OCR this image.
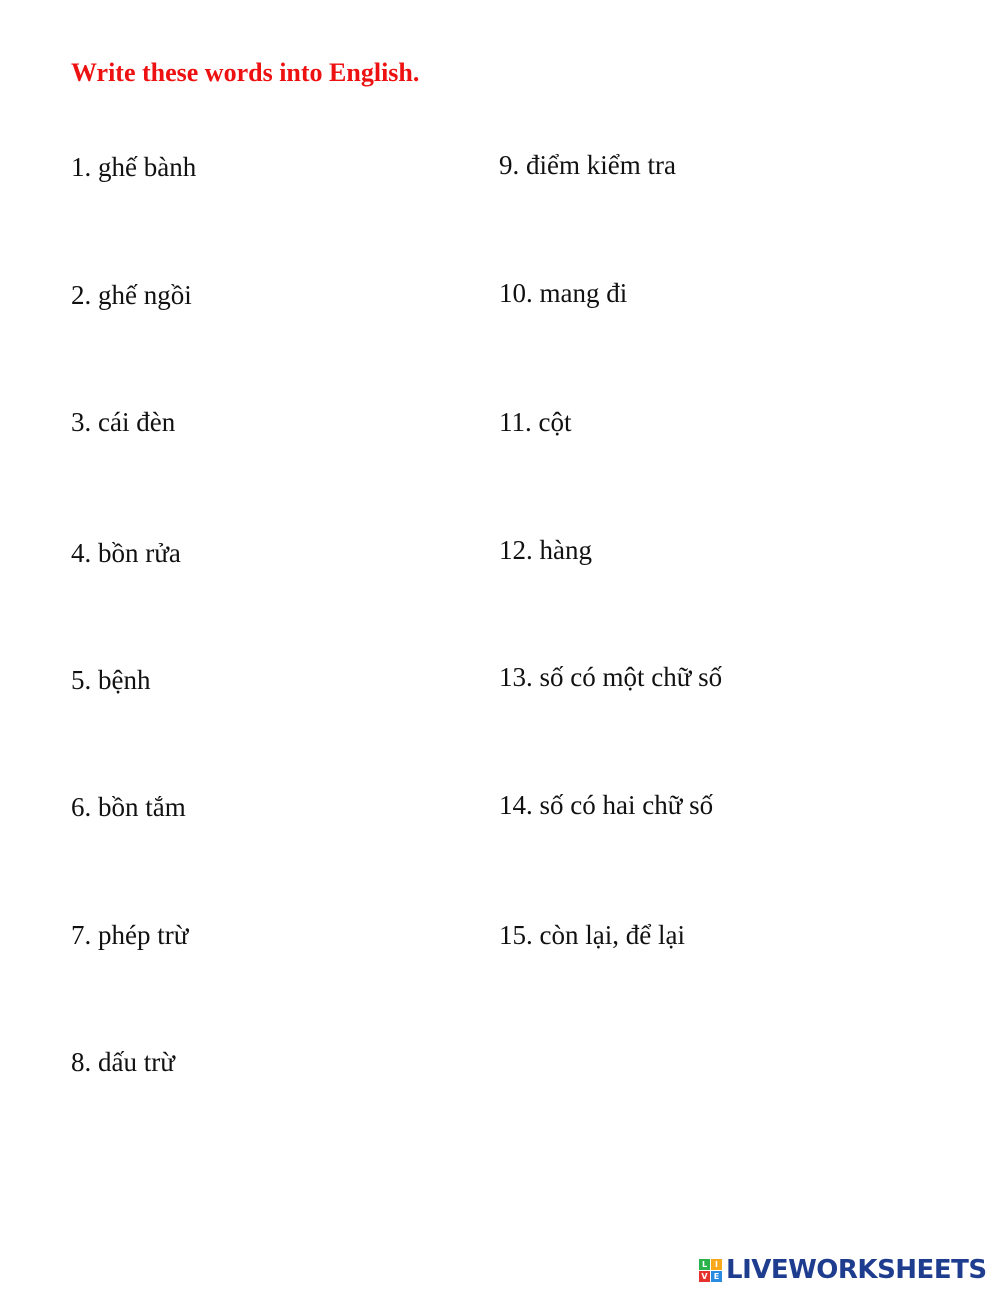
Write these words into English.
1. ghế bành
2. ghế ngồi
3. cái đèn
4. bồn rửa
5. bệnh
6. bồn tắm
7. phép trừ
8. dấu trừ
9. điểm kiểm tra
10. mang đi
11. cột
12. hàng
13. số có một chữ số
14. số có hai chữ số
15. còn lại, để lại
L I
V E LIVEWORKSHEETS
